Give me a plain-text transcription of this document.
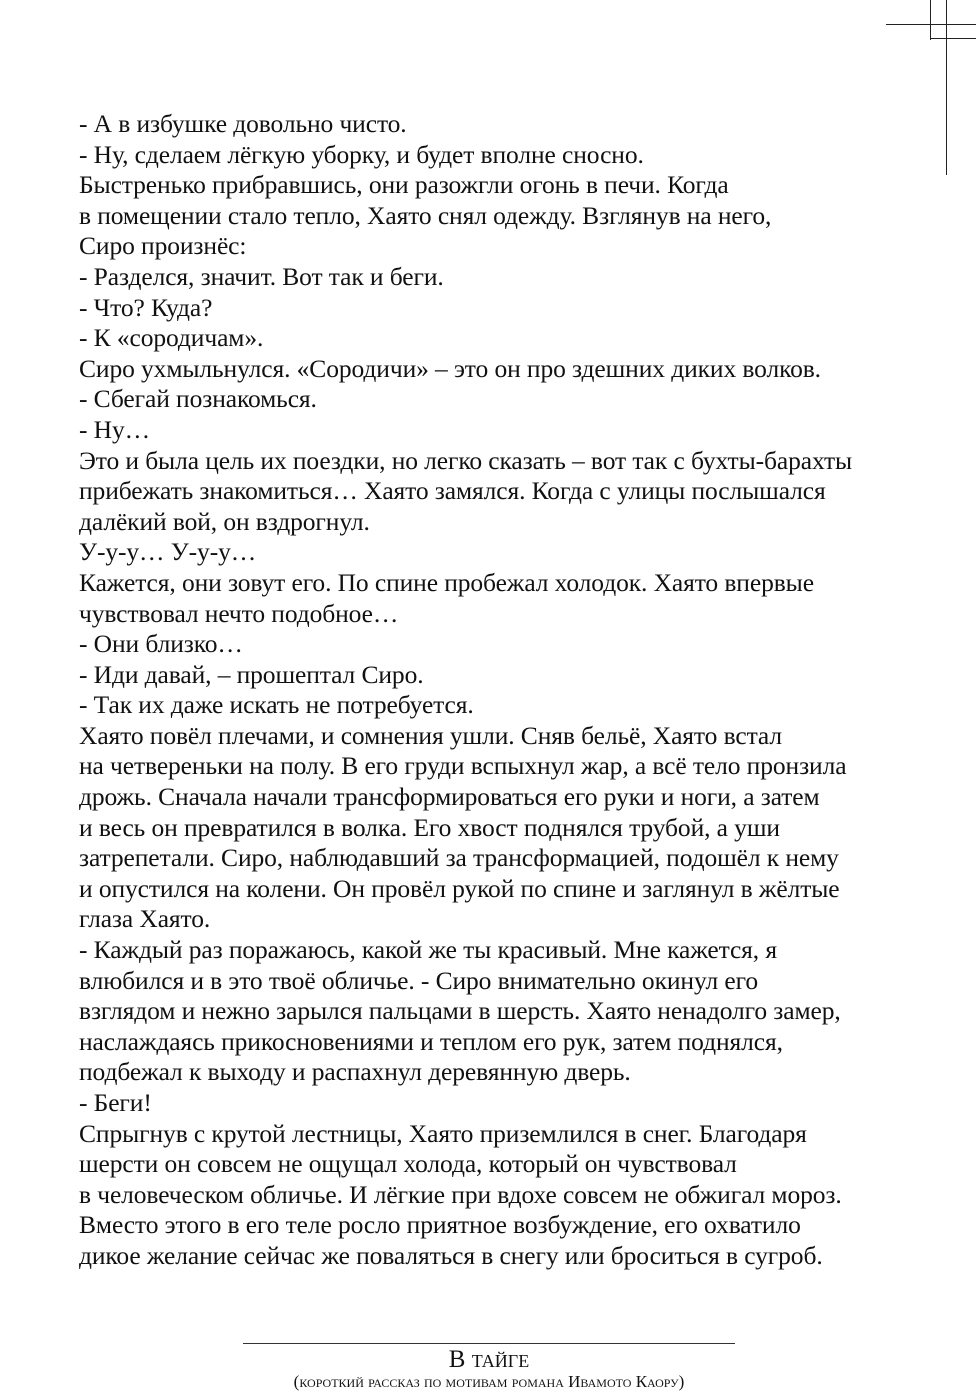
- А в избушке довольно чисто.
- Ну, сделаем лёгкую уборку, и будет вполне сносно.
Быстренько прибравшись, они разожгли огонь в печи. Когда
в помещении стало тепло, Хаято снял одежду. Взглянув на него,
Сиро произнёс:
- Разделся, значит. Вот так и беги.
- Что? Куда?
- К «сородичам».
Сиро ухмыльнулся. «Сородичи» – это он про здешних диких волков.
- Сбегай познакомься.
- Ну…
Это и была цель их поездки, но легко сказать – вот так с бухты-барахты
прибежать знакомиться… Хаято замялся. Когда с улицы послышался
далёкий вой, он вздрогнул.
У-у-у… У-у-у…
Кажется, они зовут его. По спине пробежал холодок. Хаято впервые
чувствовал нечто подобное…
- Они близко…
- Иди давай, – прошептал Сиро.
- Так их даже искать не потребуется.
Хаято повёл плечами, и сомнения ушли. Сняв бельё, Хаято встал
на четвереньки на полу. В его груди вспыхнул жар, а всё тело пронзила
дрожь. Сначала начали трансформироваться его руки и ноги, а затем
и весь он превратился в волка. Его хвост поднялся трубой, а уши
затрепетали. Сиро, наблюдавший за трансформацией, подошёл к нему
и опустился на колени. Он провёл рукой по спине и заглянул в жёлтые
глаза Хаято.
- Каждый раз поражаюсь, какой же ты красивый. Мне кажется, я
влюбился и в это твоё обличье. - Сиро внимательно окинул его
взглядом и нежно зарылся пальцами в шерсть. Хаято ненадолго замер,
наслаждаясь прикосновениями и теплом его рук, затем поднялся,
подбежал к выходу и распахнул деревянную дверь.
- Беги!
Спрыгнув с крутой лестницы, Хаято приземлился в снег. Благодаря
шерсти он совсем не ощущал холода, который он чувствовал
в человеческом обличье. И лёгкие при вдохе совсем не обжигал мороз.
Вместо этого в его теле росло приятное возбуждение, его охватило
дикое желание сейчас же поваляться в снегу или броситься в сугроб.
В тайге
(короткий рассказ по мотивам романа Ивамото Каору)
